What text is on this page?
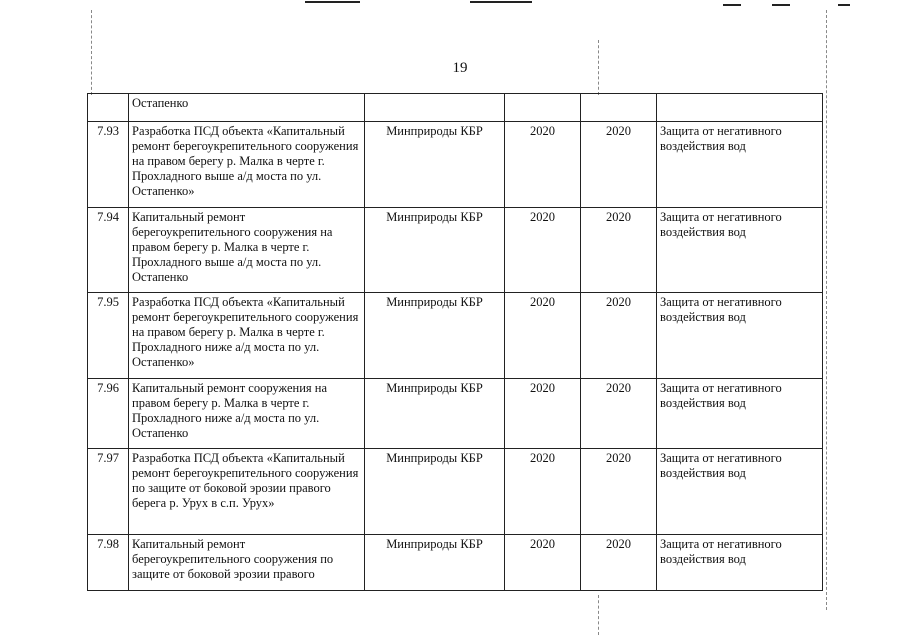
19
	Остапенко				
7.93	Разработка ПСД объекта «Капитальный ремонт берегоукрепительного сооружения на правом берегу р. Малка в черте г. Прохладного выше а/д моста по ул. Остапенко»	Минприроды КБР	2020	2020	Защита от негативного воздействия вод
7.94	Капитальный ремонт берегоукрепительного сооружения на правом берегу р. Малка в черте г. Прохладного выше а/д моста по ул. Остапенко	Минприроды КБР	2020	2020	Защита от негативного воздействия вод
7.95	Разработка ПСД объекта «Капитальный ремонт берегоукрепительного сооружения на правом берегу р. Малка в черте г. Прохладного ниже а/д моста по ул. Остапенко»	Минприроды КБР	2020	2020	Защита от негативного воздействия вод
7.96	Капитальный ремонт сооружения на правом берегу р. Малка в черте г. Прохладного ниже а/д моста по ул. Остапенко	Минприроды КБР	2020	2020	Защита от негативного воздействия вод
7.97	Разработка ПСД объекта «Капитальный ремонт берегоукрепительного сооружения по защите от боковой эрозии правого берега р. Урух в с.п. Урух»	Минприроды КБР	2020	2020	Защита от негативного воздействия вод
7.98	Капитальный ремонт берегоукрепительного сооружения по защите от боковой эрозии правого	Минприроды КБР	2020	2020	Защита от негативного воздействия вод
